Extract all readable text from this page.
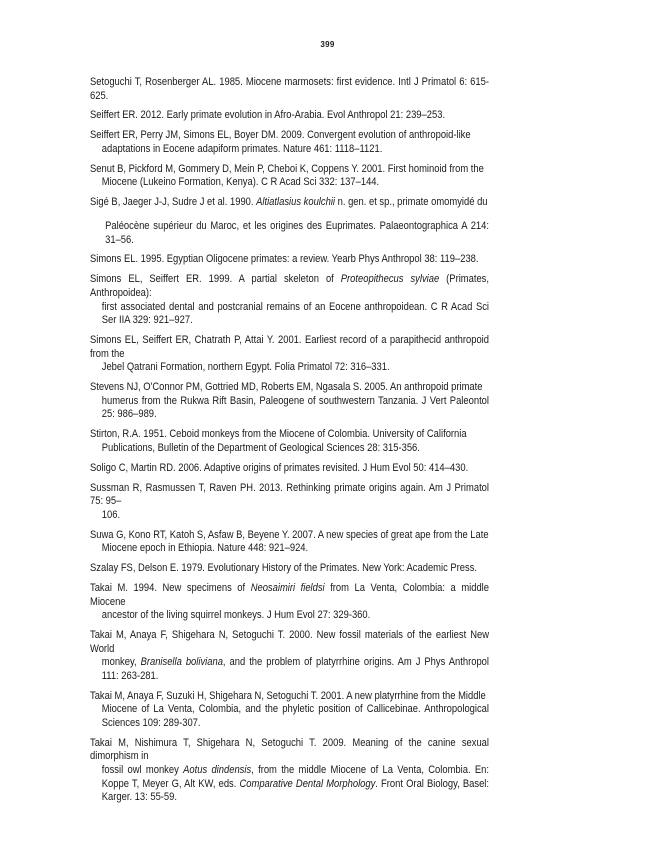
399

Setoguchi T, Rosenberger AL. 1985. Miocene marmosets: first evidence. Intl J Primatol 6: 615-625.

Seiffert ER. 2012. Early primate evolution in Afro-Arabia. Evol Anthropol 21: 239–253.

Seiffert ER, Perry JM, Simons EL, Boyer DM. 2009. Convergent evolution of anthropoid-like
adaptations in Eocene adapiform primates. Nature 461: 1118–1121.

Senut B, Pickford M, Gommery D, Mein P, Cheboi K, Coppens Y. 2001. First hominoid from the
Miocene (Lukeino Formation, Kenya). C R Acad Sci 332: 137–144.

Sigé B, Jaeger J-J, Sudre J et al. 1990. Altiatlasius koulchii n. gen. et sp., primate omomyidé du
Paléocène supérieur du Maroc, et les origines des Euprimates. Palaeontographica A 214: 31–56.

Simons EL. 1995. Egyptian Oligocene primates: a review. Yearb Phys Anthropol 38: 119–238.

Simons EL, Seiffert ER. 1999. A partial skeleton of Proteopithecus sylviae (Primates, Anthropoidea):
first associated dental and postcranial remains of an Eocene anthropoidean. C R Acad Sci Ser IIA 329: 921–927.

Simons EL, Seiffert ER, Chatrath P, Attai Y. 2001. Earliest record of a parapithecid anthropoid from the
Jebel Qatrani Formation, northern Egypt. Folia Primatol 72: 316–331.

Stevens NJ, O'Connor PM, Gottried MD, Roberts EM, Ngasala S. 2005. An anthropoid primate
humerus from the Rukwa Rift Basin, Paleogene of southwestern Tanzania. J Vert Paleontol 25: 986–989.

Stirton, R.A. 1951. Ceboid monkeys from the Miocene of Colombia. University of California
Publications, Bulletin of the Department of Geological Sciences 28: 315-356.

Soligo C, Martin RD. 2006. Adaptive origins of primates revisited. J Hum Evol 50: 414–430.

Sussman R, Rasmussen T, Raven PH. 2013. Rethinking primate origins again. Am J Primatol 75: 95–
106.

Suwa G, Kono RT, Katoh S, Asfaw B, Beyene Y. 2007. A new species of great ape from the Late
Miocene epoch in Ethiopia. Nature 448: 921–924.

Szalay FS, Delson E. 1979. Evolutionary History of the Primates. New York: Academic Press.

Takai M. 1994. New specimens of Neosaimiri fieldsi from La Venta, Colombia: a middle Miocene
ancestor of the living squirrel monkeys. J Hum Evol 27: 329-360.

Takai M, Anaya F, Shigehara N, Setoguchi T. 2000. New fossil materials of the earliest New World
monkey, Branisella boliviana, and the problem of platyrrhine origins. Am J Phys Anthropol 111: 263-281.

Takai M, Anaya F, Suzuki H, Shigehara N, Setoguchi T. 2001. A new platyrrhine from the Middle
Miocene of La Venta, Colombia, and the phyletic position of Callicebinae. Anthropological Sciences 109: 289-307.

Takai M, Nishimura T, Shigehara N, Setoguchi T. 2009. Meaning of the canine sexual dimorphism in
fossil owl monkey Aotus dindensis, from the middle Miocene of La Venta, Colombia. En: Koppe T, Meyer G, Alt KW, eds. Comparative Dental Morphology. Front Oral Biology, Basel: Karger. 13: 55-59.
